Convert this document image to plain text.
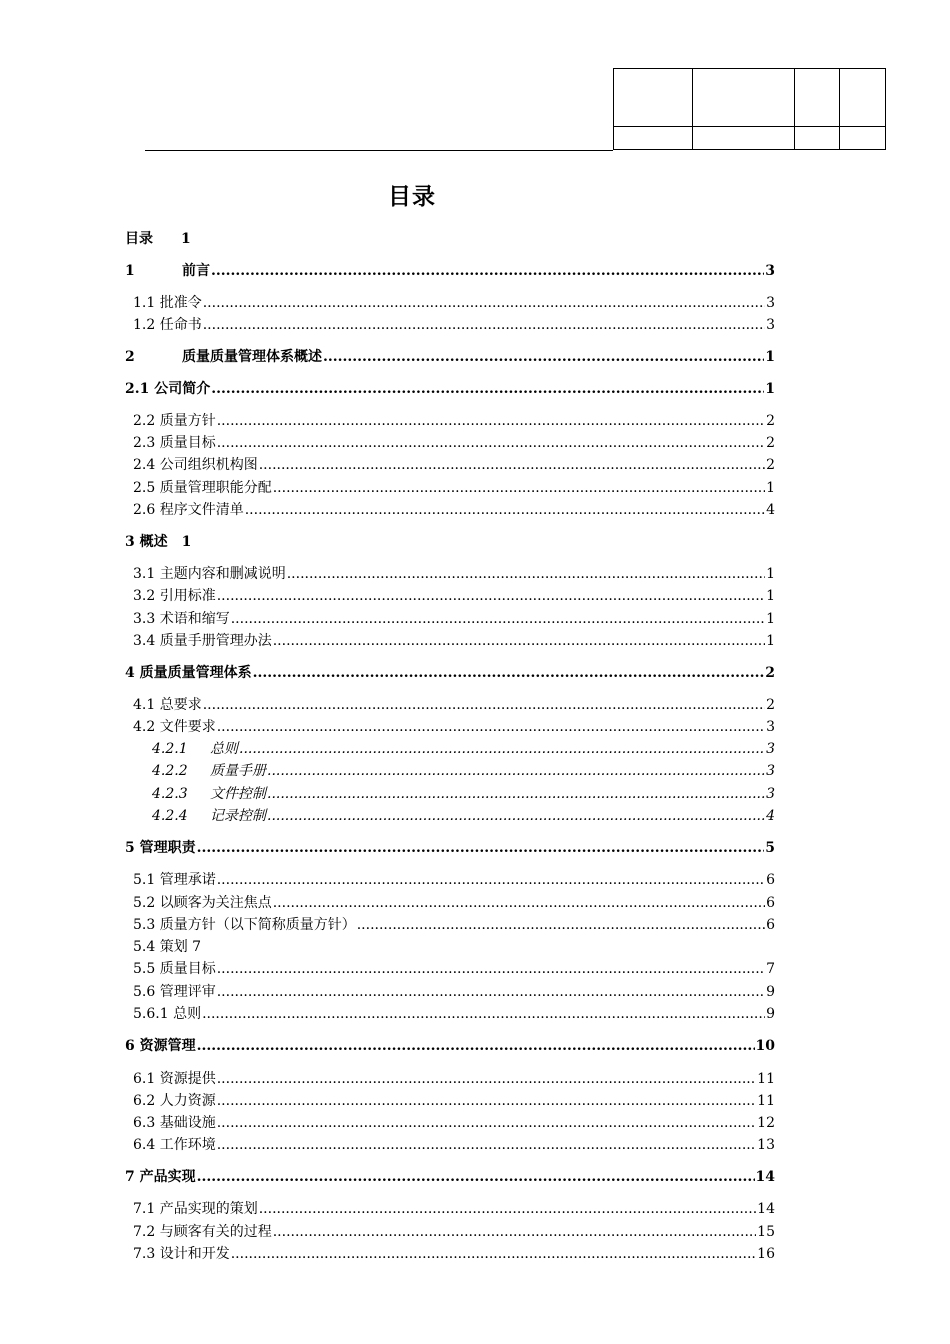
目录
目录 1
1	前言 .....	3
1.1 批准令 .....	3
1.2 任命书 .....	3
2	质量质量管理体系概述 .....	1
2.1 公司简介 .....	1
2.2 质量方针 .....	2
2.3 质量目标 .....	2
2.4 公司组织机构图 .....	2
2.5 质量管理职能分配 .....	1
2.6 程序文件清单 .....	4
3 概述 1
3.1 主题内容和删减说明 .....	1
3.2 引用标准 .....	1
3.3 术语和缩写 .....	1
3.4 质量手册管理办法 .....	1
4 质量质量管理体系 .....	2
4.1 总要求 .....	2
4.2 文件要求 .....	3
4.2.1 总则 .....	3
4.2.2 质量手册 .....	3
4.2.3 文件控制 .....	3
4.2.4 记录控制 .....	4
5 管理职责 .....	5
5.1 管理承诺 .....	6
5.2 以顾客为关注焦点 .....	6
5.3 质量方针（以下简称质量方针） .....	6
5.4 策划 7
5.5 质量目标 .....	7
5.6 管理评审 .....	9
5.6.1 总则 .....	9
6 资源管理 .....	10
6.1 资源提供 .....	11
6.2 人力资源 .....	11
6.3 基础设施 .....	12
6.4 工作环境 .....	13
7 产品实现 .....	14
7.1 产品实现的策划 .....	14
7.2 与顾客有关的过程 .....	15
7.3 设计和开发 .....	16
